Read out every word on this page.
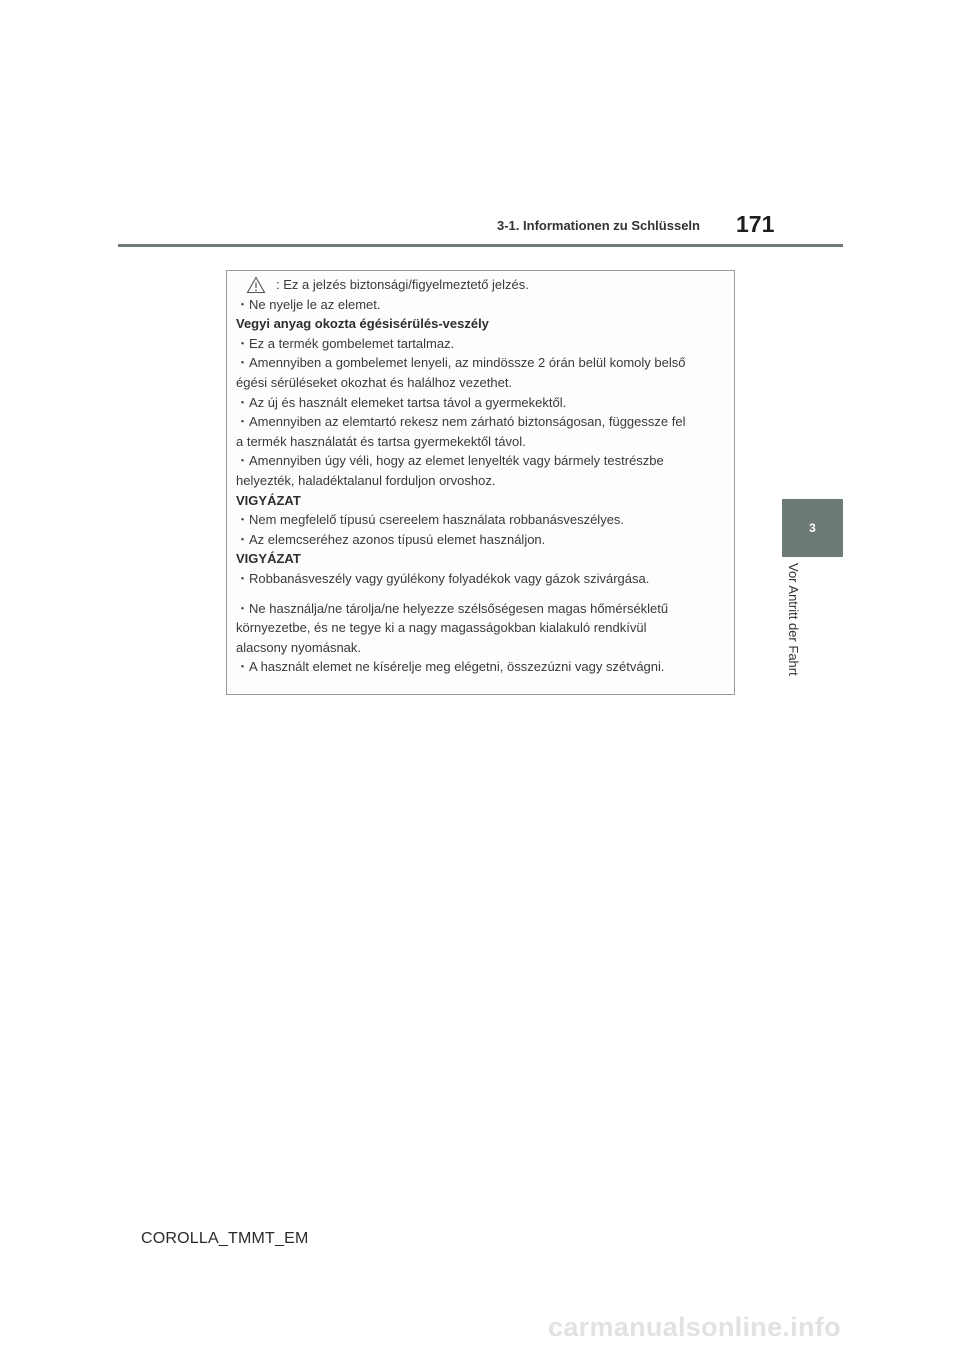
3-1. Informationen zu Schlüsseln 171
3
Vor Antritt der Fahrt
: Ez a jelzés biztonsági/figyelmeztető jelzés.
・Ne nyelje le az elemet.
Vegyi anyag okozta égésisérülés-veszély
・Ez a termék gombelemet tartalmaz.
・Amennyiben a gombelemet lenyeli, az mindössze 2 órán belül komoly belső
égési sérüléseket okozhat és halálhoz vezethet.
・Az új és használt elemeket tartsa távol a gyermekektől.
・Amennyiben az elemtartó rekesz nem zárható biztonságosan, függessze fel
a termék használatát és tartsa gyermekektől távol.
・Amennyiben úgy véli, hogy az elemet lenyelték vagy bármely testrészbe
helyezték, haladéktalanul forduljon orvoshoz.
VIGYÁZAT
・Nem megfelelő típusú csereelem használata robbanásveszélyes.
・Az elemcseréhez azonos típusú elemet használjon.
VIGYÁZAT
・Robbanásveszély vagy gyúlékony folyadékok vagy gázok szivárgása.
・Ne használja/ne tárolja/ne helyezze szélsőségesen magas hőmérsékletű
környezetbe, és ne tegye ki a nagy magasságokban kialakuló rendkívül
alacsony nyomásnak.
・A használt elemet ne kísérelje meg elégetni, összezúzni vagy szétvágni.
COROLLA_TMMT_EM
carmanualsonline.info
